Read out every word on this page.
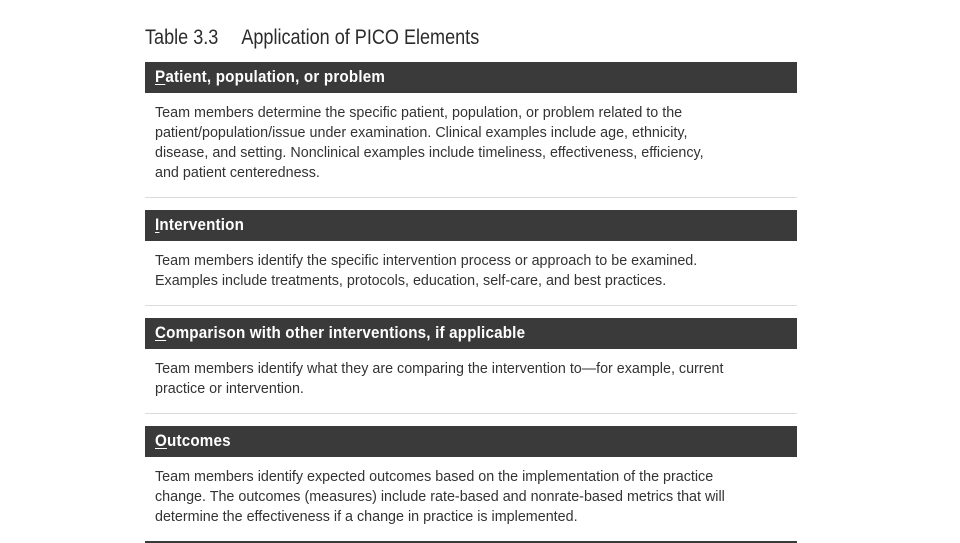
Table 3.3	Application of PICO Elements
Patient, population, or problem
Team members determine the specific patient, population, or problem related to the
patient/population/issue under examination. Clinical examples include age, ethnicity,
disease, and setting. Nonclinical examples include timeliness, effectiveness, efficiency,
and patient centeredness.
Intervention
Team members identify the specific intervention process or approach to be examined.
Examples include treatments, protocols, education, self-care, and best practices.
Comparison with other interventions, if applicable
Team members identify what they are comparing the intervention to—for example, current
practice or intervention.
Outcomes
Team members identify expected outcomes based on the implementation of the practice
change. The outcomes (measures) include rate-based and nonrate-based metrics that will
determine the effectiveness if a change in practice is implemented.
